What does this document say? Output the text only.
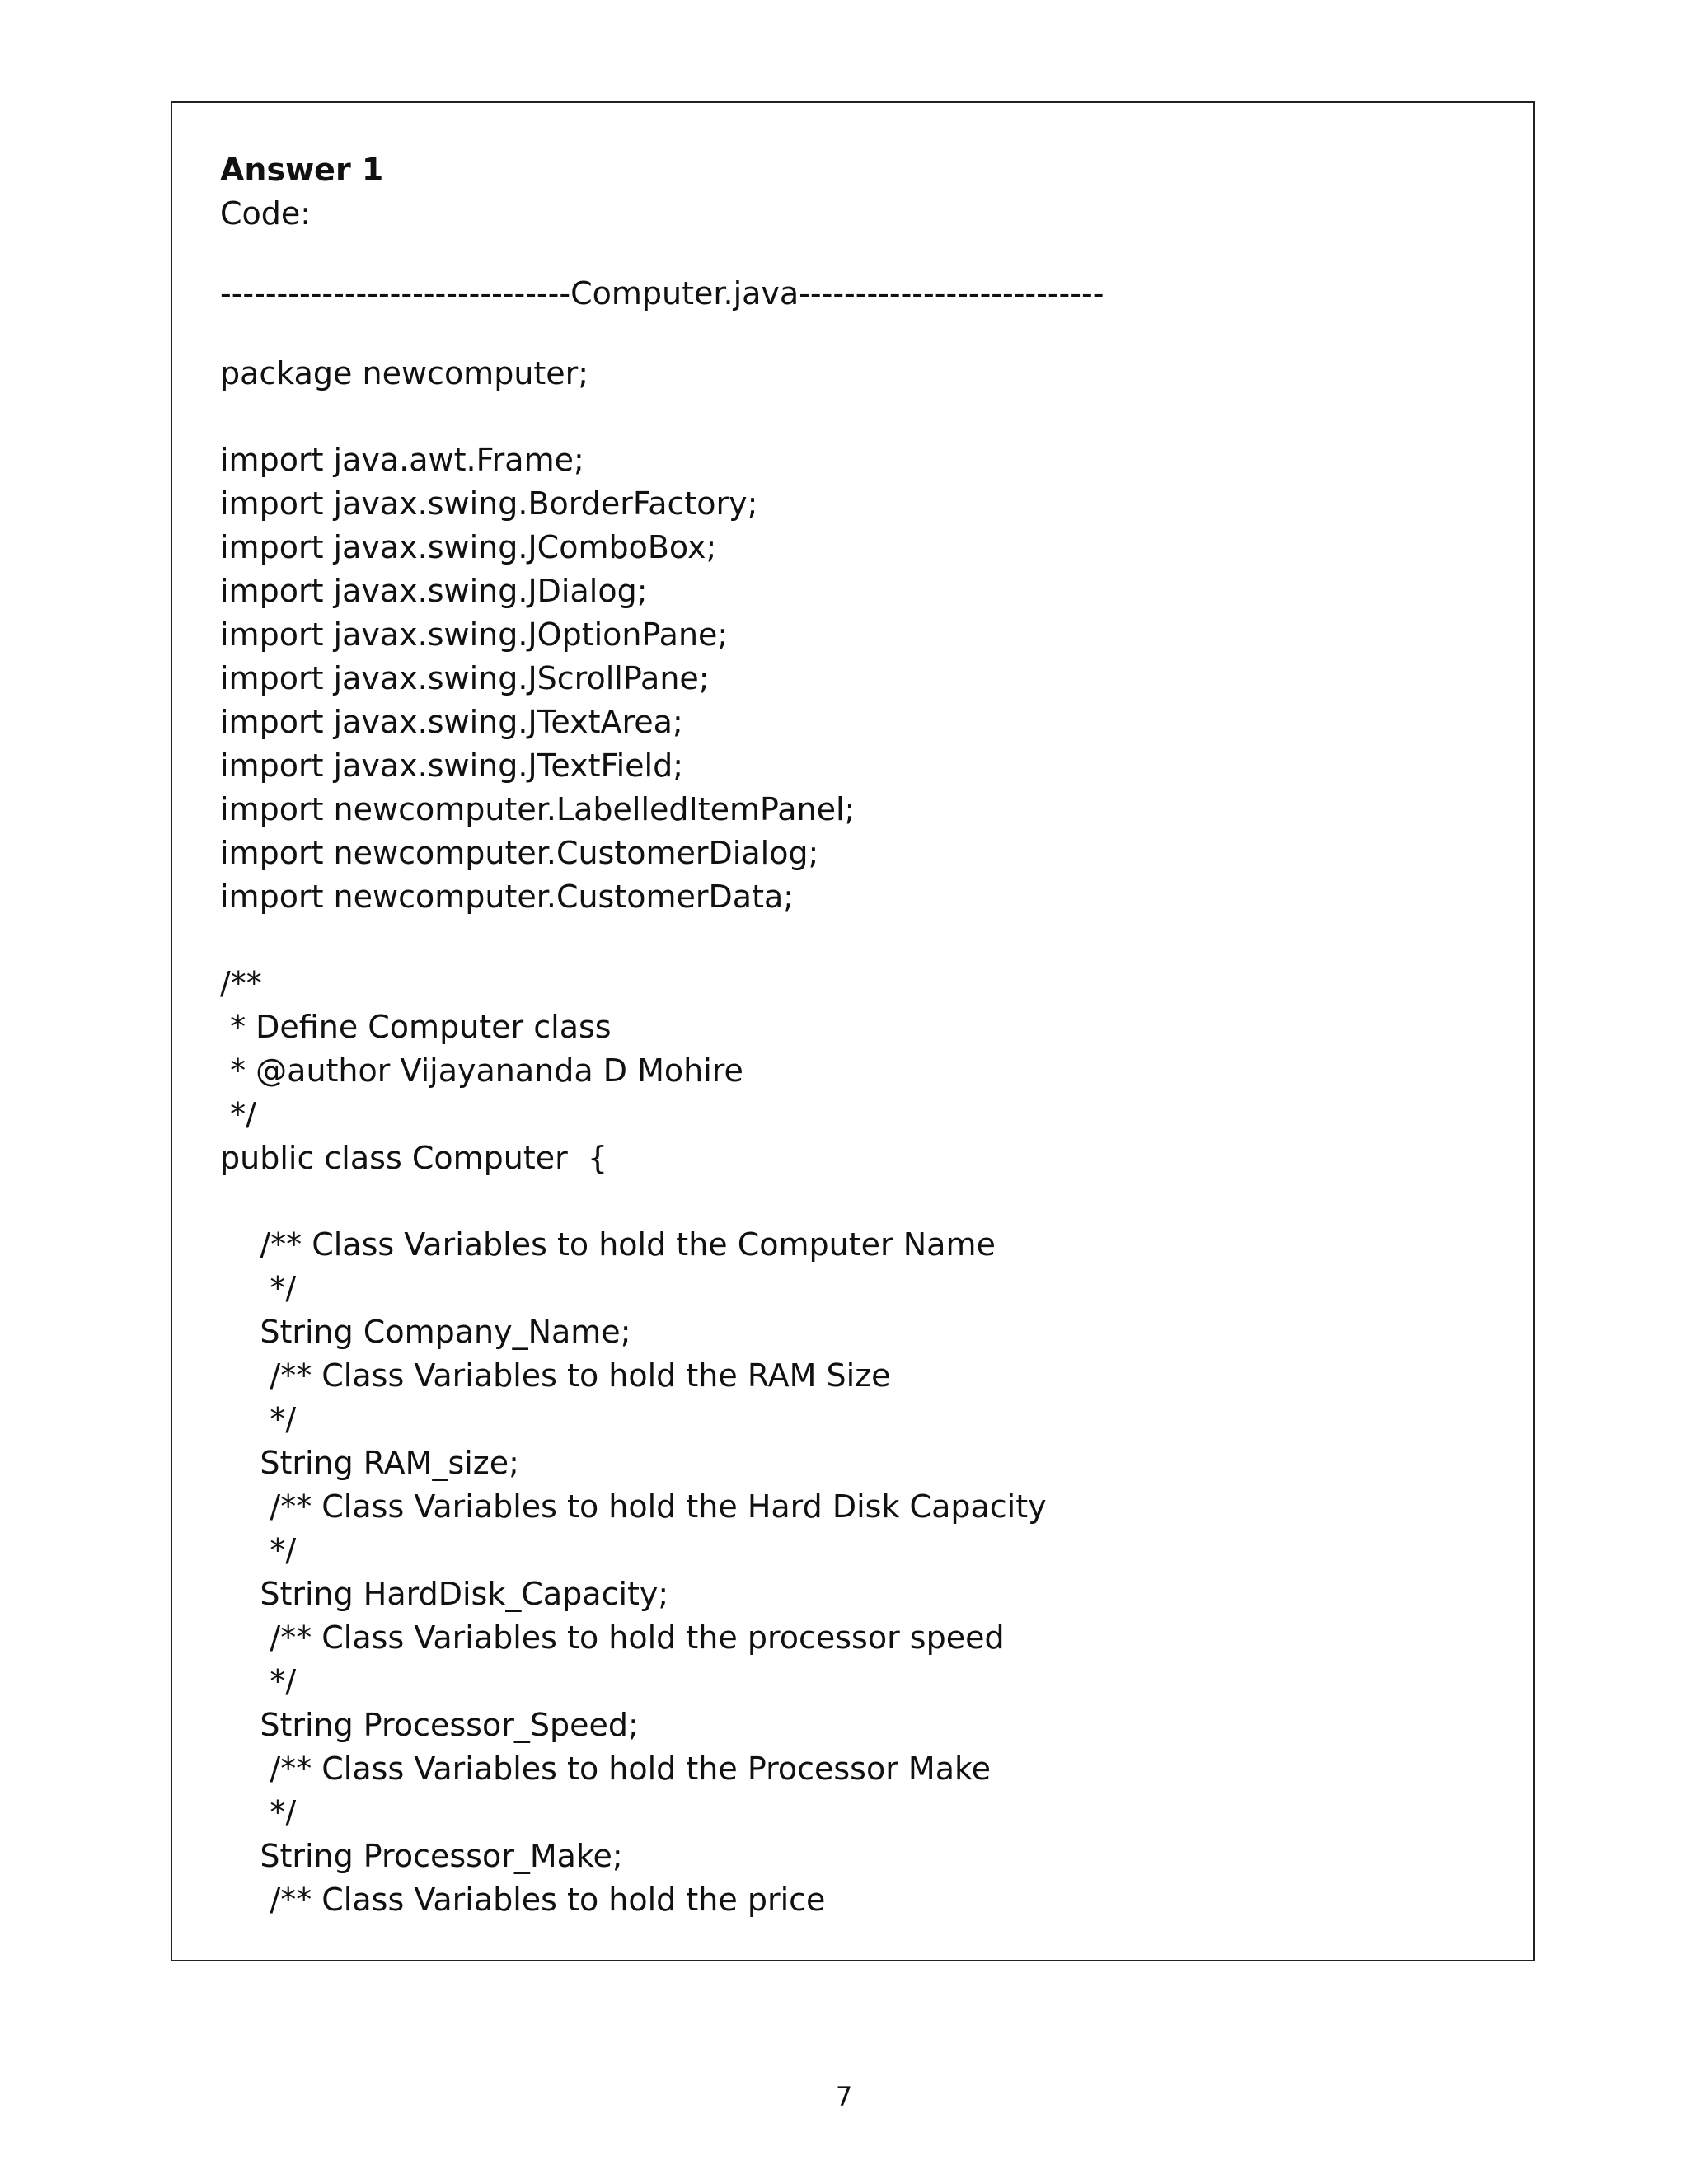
Answer 1
Code:
-------------------------------Computer.java---------------------------
package newcomputer;
import java.awt.Frame;
import javax.swing.BorderFactory;
import javax.swing.JComboBox;
import javax.swing.JDialog;
import javax.swing.JOptionPane;
import javax.swing.JScrollPane;
import javax.swing.JTextArea;
import javax.swing.JTextField;
import newcomputer.LabelledItemPanel;
import newcomputer.CustomerDialog;
import newcomputer.CustomerData;
/**
* Define Computer class
* @author Vijayananda D Mohire
*/
public class Computer  {
/** Class Variables to hold the Computer Name
*/
String Company_Name;
/** Class Variables to hold the RAM Size
*/
String RAM_size;
/** Class Variables to hold the Hard Disk Capacity
*/
String HardDisk_Capacity;
/** Class Variables to hold the processor speed
*/
String Processor_Speed;
/** Class Variables to hold the Processor Make
*/
String Processor_Make;
/** Class Variables to hold the price
7
